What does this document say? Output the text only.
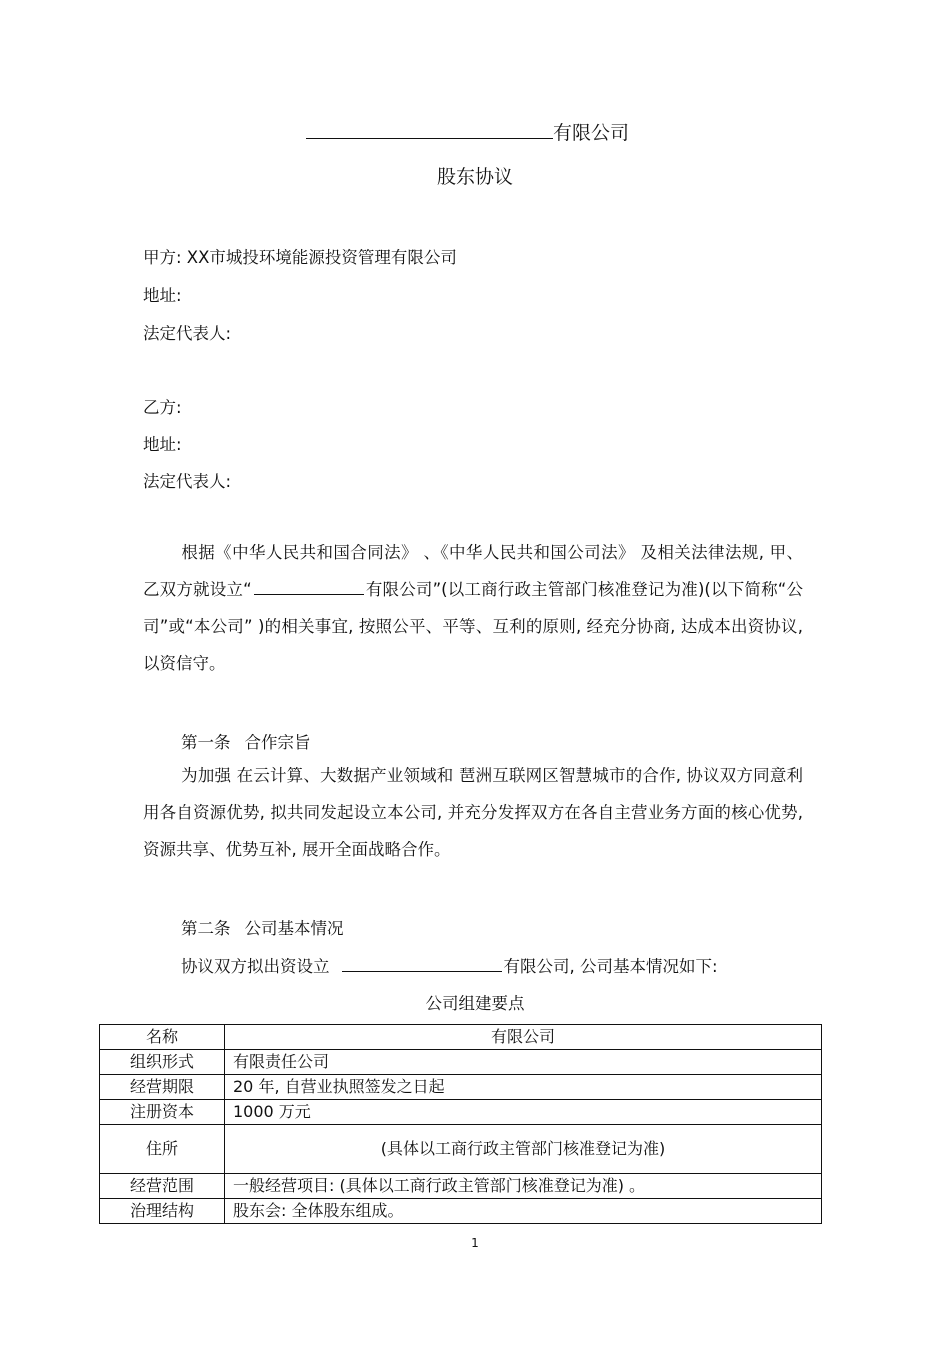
有限公司
股东协议
甲方: XX市城投环境能源投资管理有限公司
地址:
法定代表人:
乙方:
地址:
法定代表人:
根据《中华人民共和国合同法》 、《中华人民共和国公司法》 及相关法律法规, 甲、乙双方就设立“	有限公司”(以工商行政主管部门核准登记为准)(以下简称“公司”或“本公司” )的相关事宜, 按照公平、平等、互利的原则, 经充分协商, 达成本出资协议, 以资信守。
第一条 合作宗旨
为加强 在云计算、大数据产业领域和 琶洲互联网区智慧城市的合作, 协议双方同意利用各自资源优势, 拟共同发起设立本公司, 并充分发挥双方在各自主营业务方面的核心优势, 资源共享、优势互补, 展开全面战略合作。
第二条 公司基本情况
协议双方拟出资设立	有限公司, 公司基本情况如下:
公司组建要点
名称	有限公司
组织形式	有限责任公司
经营期限	20 年, 自营业执照签发之日起
注册资本	1000 万元
住所	(具体以工商行政主管部门核准登记为准)
经营范围	一般经营项目: (具体以工商行政主管部门核准登记为准) 。
治理结构	股东会: 全体股东组成。
1
